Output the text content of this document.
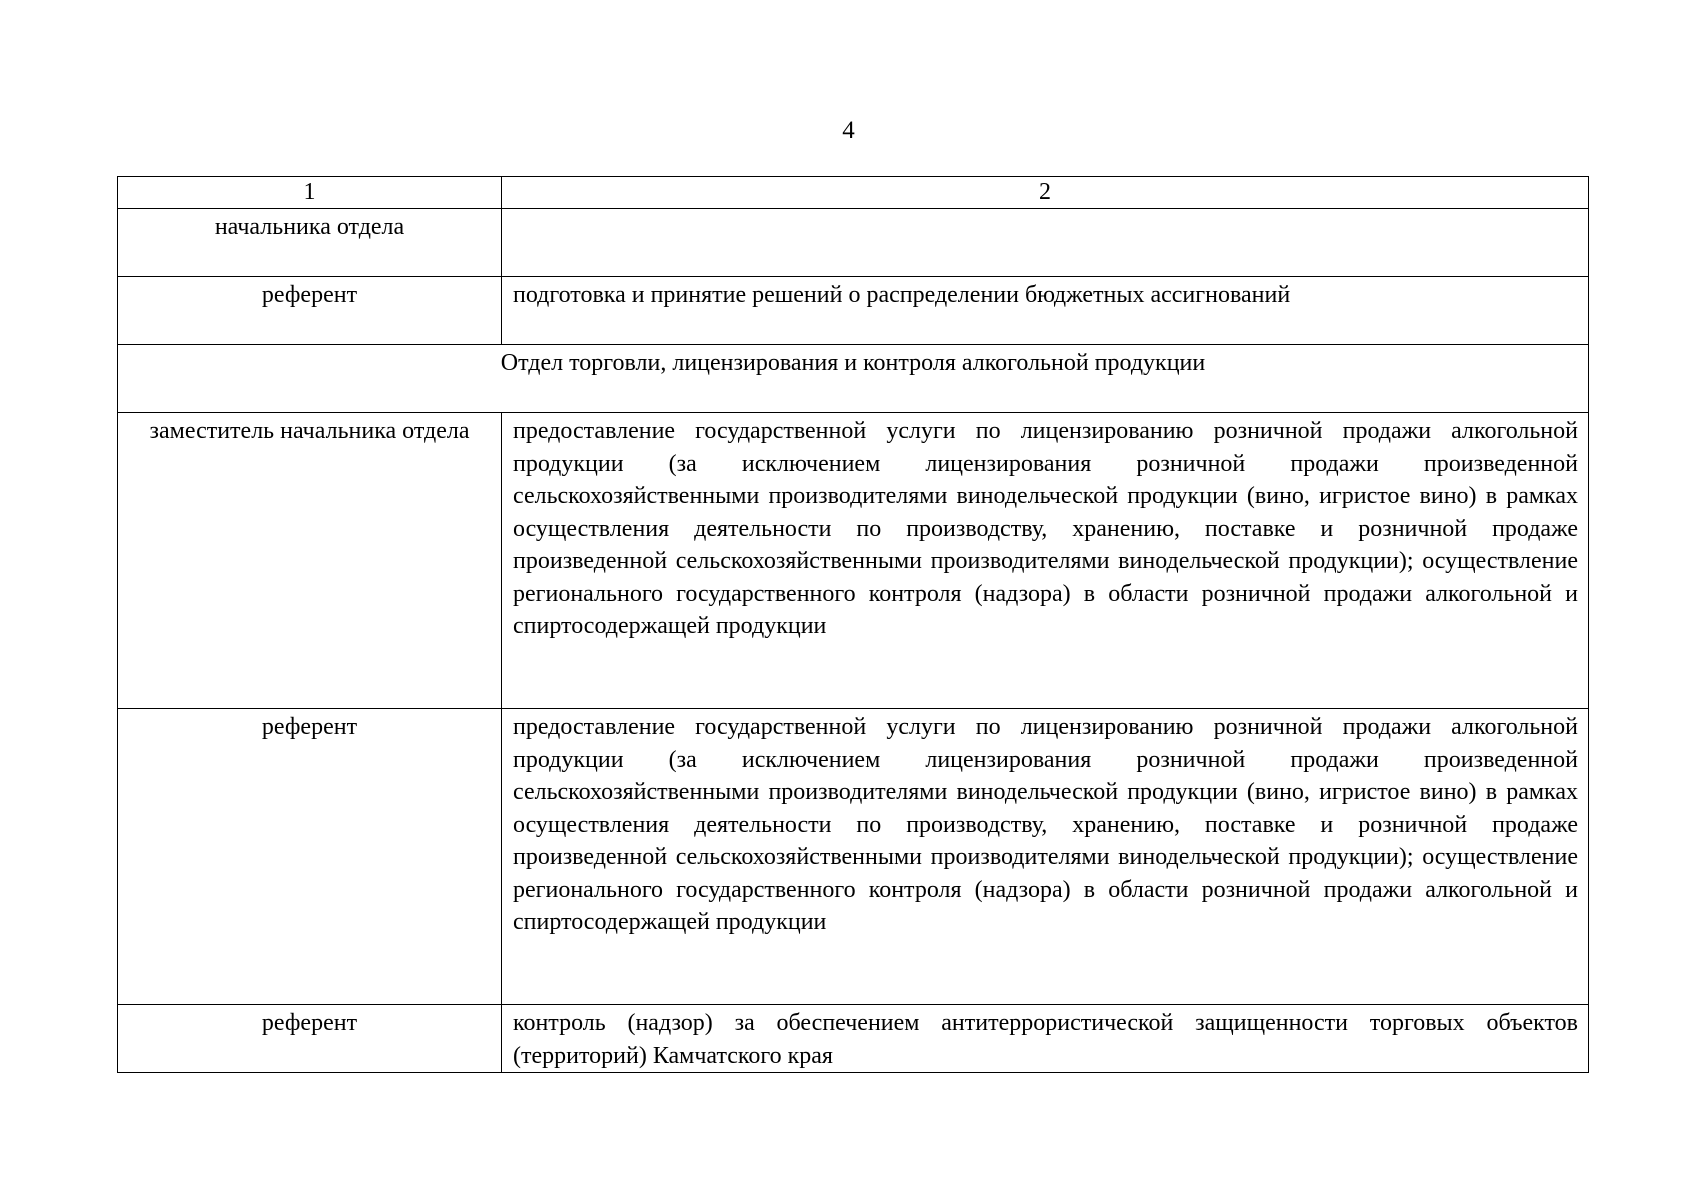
4
1	2
начальника отдела	
референт	подготовка и принятие решений о распределении бюджетных ассигнований
Отдел торговли, лицензирования и контроля алкогольной продукции	
заместитель начальника отдела	предоставление государственной услуги по лицензированию розничной продажи алкогольной продукции (за исключением лицензирования розничной продажи произведенной сельскохозяйственными производителями винодельческой продукции (вино, игристое вино) в рамках осуществления деятельности по производству, хранению, поставке и розничной продаже произведенной сельскохозяйственными производителями винодельческой продукции); осуществление регионального государственного контроля (надзора) в области розничной продажи алкогольной и спиртосодержащей продукции
референт	предоставление государственной услуги по лицензированию розничной продажи алкогольной продукции (за исключением лицензирования розничной продажи произведенной сельскохозяйственными производителями винодельческой продукции (вино, игристое вино) в рамках осуществления деятельности по производству, хранению, поставке и розничной продаже произведенной сельскохозяйственными производителями винодельческой продукции); осуществление регионального государственного контроля (надзора) в области розничной продажи алкогольной и спиртосодержащей продукции
референт	контроль (надзор) за обеспечением антитеррористической защищенности торговых объектов (территорий) Камчатского края
